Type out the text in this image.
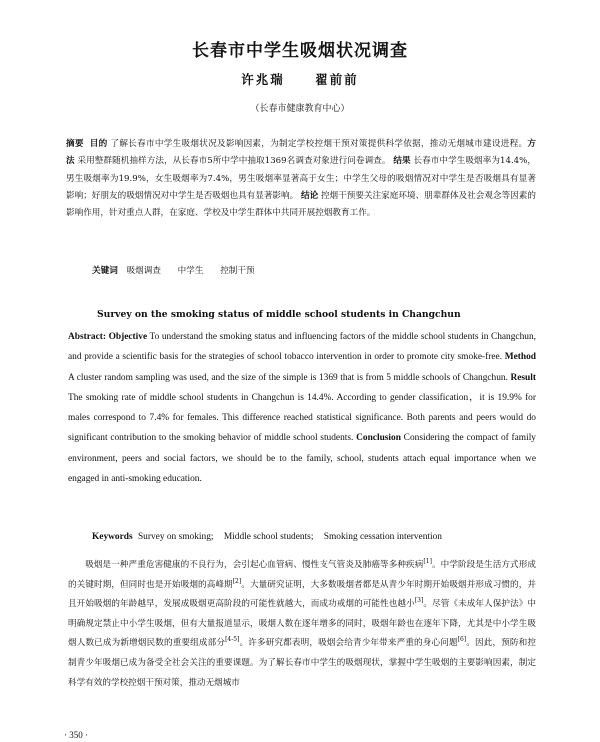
长春市中学生吸烟状况调查
许兆瑞 翟前前
（长春市健康教育中心）
摘要 目的 了解长春市中学生吸烟状况及影响因素，为制定学校控烟干预对策提供科学依据，推动无烟城市建设进程。方法 采用整群随机抽样方法，从长春市5所中学中抽取1369名调查对象进行问卷调查。 结果 长春市中学生吸烟率为14.4%，男生吸烟率为19.9%，女生吸烟率为7.4%，男生吸烟率显著高于女生；中学生父母的吸烟情况对中学生是否吸烟具有显著影响；好朋友的吸烟情况对中学生是否吸烟也具有显著影响。 结论 控烟干预要关注家庭环境、朋辈群体及社会观念等因素的影响作用，针对重点人群，在家庭、学校及中学生群体中共同开展控烟教育工作。
关键词 吸烟调查 中学生 控制干预
Survey on the smoking status of middle school students in Changchun
Abstract: Objective To understand the smoking status and influencing factors of the middle school students in Changchun, and provide a scientific basis for the strategies of school tobacco intervention in order to promote city smoke-free. Method A cluster random sampling was used, and the size of the simple is 1369 that is from 5 middle schools of Changchun. Result The smoking rate of middle school students in Changchun is 14.4%. According to gender classification，it is 19.9% for males correspond to 7.4% for females. This difference reached statistical significance. Both parents and peers would do significant contribution to the smoking behavior of middle school students. Conclusion Considering the compact of family environment, peers and social factors, we should be to the family, school, students attach equal importance when we engaged in anti-smoking education.
Keywords Survey on smoking; Middle school students; Smoking cessation intervention

吸烟是一种严重危害健康的不良行为，会引起心血管病、慢性支气管炎及肺癌等多种疾病[1]。中学阶段是生活方式形成的关键时期，但同时也是开始吸烟的高峰期[2]。大量研究证明，大多数吸烟者都是从青少年时期开始吸烟并形成习惯的，并且开始吸烟的年龄越早，发展成吸烟更高阶段的可能性就越大，而成功戒烟的可能性也越小[3]。尽管《未成年人保护法》中明确规定禁止中小学生吸烟，但有大量报道显示，吸烟人数在逐年增多的同时，吸烟年龄也在逐年下降，尤其是中小学生吸烟人数已成为新增烟民数的重要组成部分[4-5]。许多研究都表明，吸烟会给青少年带来严重的身心问题[6]。因此，预防和控制青少年吸烟已成为备受全社会关注的重要课题。为了解长春市中学生的吸烟现状，掌握中学生吸烟的主要影响因素，制定科学有效的学校控烟干预对策，推动无烟城市

· 350 ·
